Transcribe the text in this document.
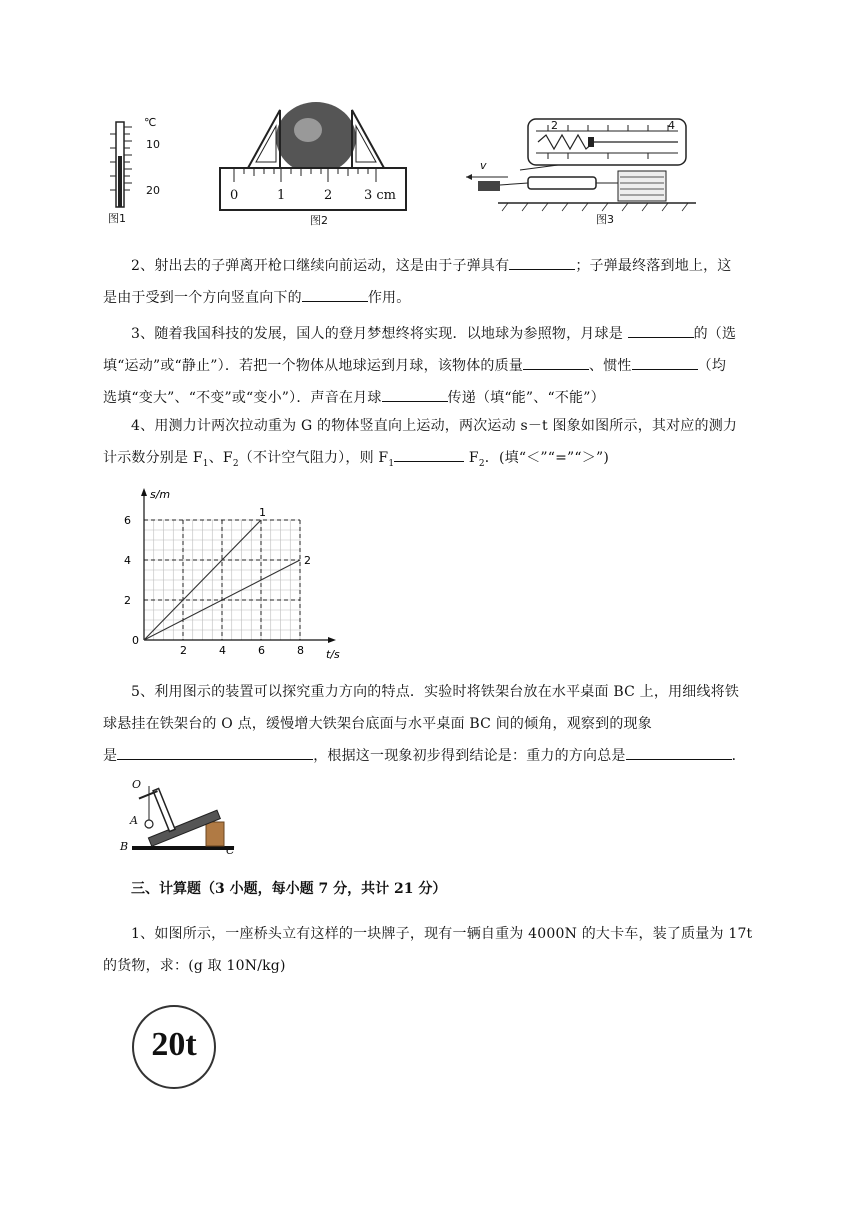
℃
10
20
图1
0	1	2 3 cm
图2
2	4
v
图3
2、射出去的子弹离开枪口继续向前运动，这是由于子弹具有	；子弹最终落到地上，这
是由于受到一个方向竖直向下的	作用。
3、随着我国科技的发展，国人的登月梦想终将实现．以地球为参照物，月球是	的（选
填“运动”或“静止”）．若把一个物体从地球运到月球，该物体的质量	、惯性	（均
选填“变大”、“不变”或“变小”）．声音在月球	传递（填“能”、“不能”）
4、用测力计两次拉动重为 G 的物体竖直向上运动，两次运动 s－t 图象如图所示，其对应的测力
计示数分别是 $F_1$、$F_2$（不计空气阻力），则 $F_1$	$F_2$．(填“＜”“=”“＞”)
1
2
2	4	6	8
2
4
6
0
t/s
s/m
5、利用图示的装置可以探究重力方向的特点．实验时将铁架台放在水平桌面 BC 上，用细线将铁
球悬挂在铁架台的 O 点，缓慢增大铁架台底面与水平桌面 BC 间的倾角，观察到的现象
是	，根据这一现象初步得到结论是：重力的方向总是	．
O
A
B	C
三、计算题（3 小题，每小题 7 分，共计 21 分）
1、如图所示，一座桥头立有这样的一块牌子，现有一辆自重为 4000N 的大卡车，装了质量为 17t
的货物，求：(g 取 10N/kg)
20t
